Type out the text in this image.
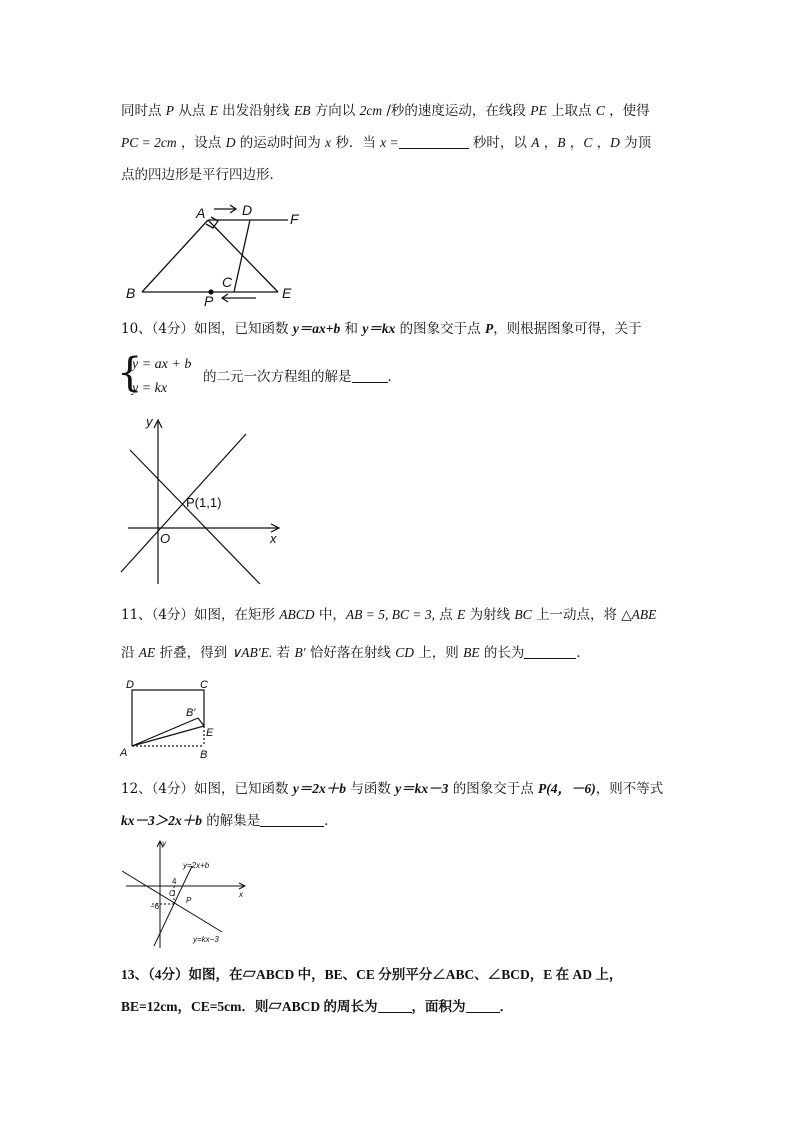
同时点 P 从点 E 出发沿射线 EB 方向以 2cm /秒的速度运动，在线段 PE 上取点 C ，使得
PC = 2cm ，设点 D 的运动时间为 x 秒．当 x =	秒时，以 A ，B ，C ，D 为顶
点的四边形是平行四边形．
A	D
F
C
B	P	E
10、（4分）如图，已知函数 y＝ax+b 和 y＝kx 的图象交于点 P，则根据图象可得，关于
{
y = ax + b
y = kx
的二元一次方程组的解是	．
y
x
O
P(1,1)
11、（4分）如图，在矩形 ABCD 中，AB = 5, BC = 3, 点 E 为射线 BC 上一动点，将 △ABE
沿 AE 折叠，得到 ∨AB′E. 若 B′ 恰好落在射线 CD 上，则 BE 的长为	．
D	C
B′
E
A	B
12、（4分）如图，已知函数 y＝2x＋b 与函数 y＝kx－3 的图象交于点 P(4，－6)，则不等式
kx－3＞2x＋b 的解集是	．
y
x
4
O
−6
P
y=2x+b
y=kx−3
13、（4分）如图，在▱ABCD 中，BE、CE 分别平分∠ABC、∠BCD，E 在 AD 上，
BE=12cm，CE=5cm．则▱ABCD 的周长为	，面积为	．
